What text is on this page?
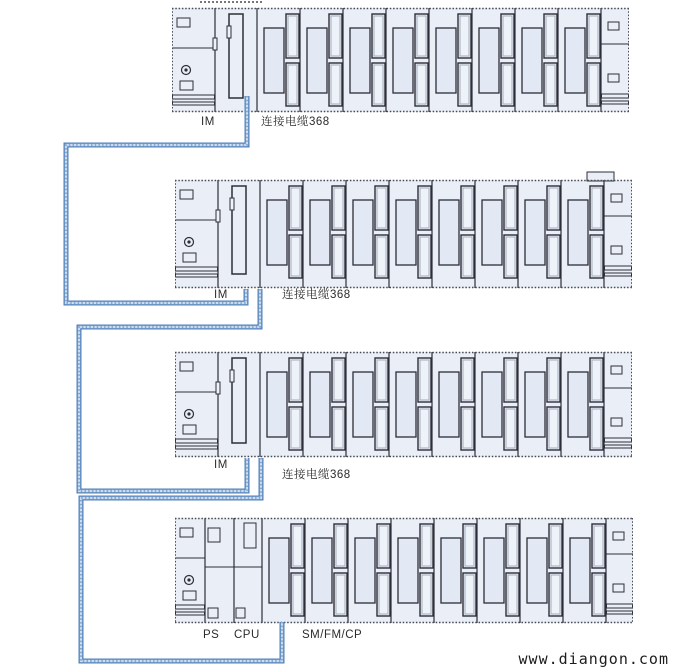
IM	连接电缆368
IM	连接电缆368
IM
连接电缆368
PS CPU	SM/FM/CP
www.diangon.com
